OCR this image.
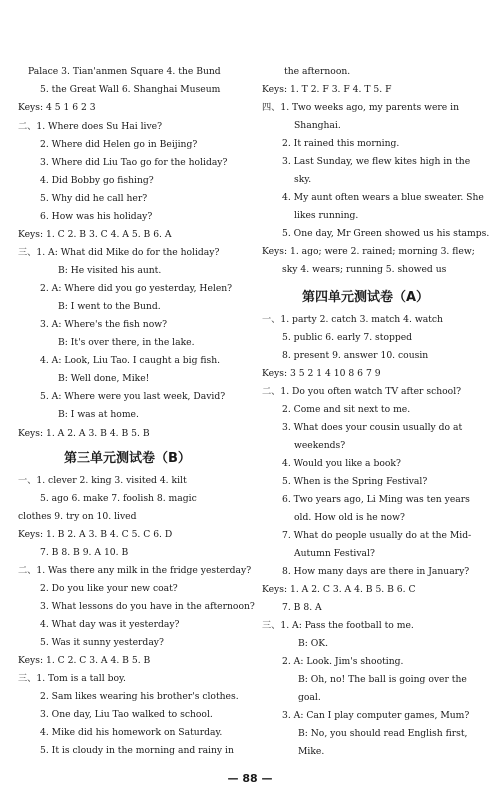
Palace 3. Tian'anmen Square 4. the Bund
5. the Great Wall 6. Shanghai Museum
Keys: 4 5 1 6 2 3
二、1. Where does Su Hai live?
2. Where did Helen go in Beijing?
3. Where did Liu Tao go for the holiday?
4. Did Bobby go fishing?
5. Why did he call her?
6. How was his holiday?
Keys: 1. C 2. B 3. C 4. A 5. B 6. A
三、1. A: What did Mike do for the holiday?
B: He visited his aunt.
2. A: Where did you go yesterday, Helen?
B: I went to the Bund.
3. A: Where's the fish now?
B: It's over there, in the lake.
4. A: Look, Liu Tao. I caught a big fish.
B: Well done, Mike!
5. A: Where were you last week, David?
B: I was at home.
Keys: 1. A 2. A 3. B 4. B 5. B
第三单元测试卷（B）
一、1. clever 2. king 3. visited 4. kilt
5. ago 6. make 7. foolish 8. magic
clothes 9. try on 10. lived
Keys: 1. B 2. A 3. B 4. C 5. C 6. D
7. B 8. B 9. A 10. B
二、1. Was there any milk in the fridge yesterday?
2. Do you like your new coat?
3. What lessons do you have in the afternoon?
4. What day was it yesterday?
5. Was it sunny yesterday?
Keys: 1. C 2. C 3. A 4. B 5. B
三、1. Tom is a tall boy.
2. Sam likes wearing his brother's clothes.
3. One day, Liu Tao walked to school.
4. Mike did his homework on Saturday.
5. It is cloudy in the morning and rainy in
the afternoon.
Keys: 1. T 2. F 3. F 4. T 5. F
四、1. Two weeks ago, my parents were in
Shanghai.
2. It rained this morning.
3. Last Sunday, we flew kites high in the
sky.
4. My aunt often wears a blue sweater. She
likes running.
5. One day, Mr Green showed us his stamps.
Keys: 1. ago; were 2. rained; morning 3. flew;
sky 4. wears; running 5. showed us
第四单元测试卷（A）
一、1. party 2. catch 3. match 4. watch
5. public 6. early 7. stopped
8. present 9. answer 10. cousin
Keys: 3 5 2 1 4 10 8 6 7 9
二、1. Do you often watch TV after school?
2. Come and sit next to me.
3. What does your cousin usually do at
weekends?
4. Would you like a book?
5. When is the Spring Festival?
6. Two years ago, Li Ming was ten years
old. How old is he now?
7. What do people usually do at the Mid-
Autumn Festival?
8. How many days are there in January?
Keys: 1. A 2. C 3. A 4. B 5. B 6. C
7. B 8. A
三、1. A: Pass the football to me.
B: OK.
2. A: Look. Jim's shooting.
B: Oh, no! The ball is going over the
goal.
3. A: Can I play computer games, Mum?
B: No, you should read English first,
Mike.
— 88 —
